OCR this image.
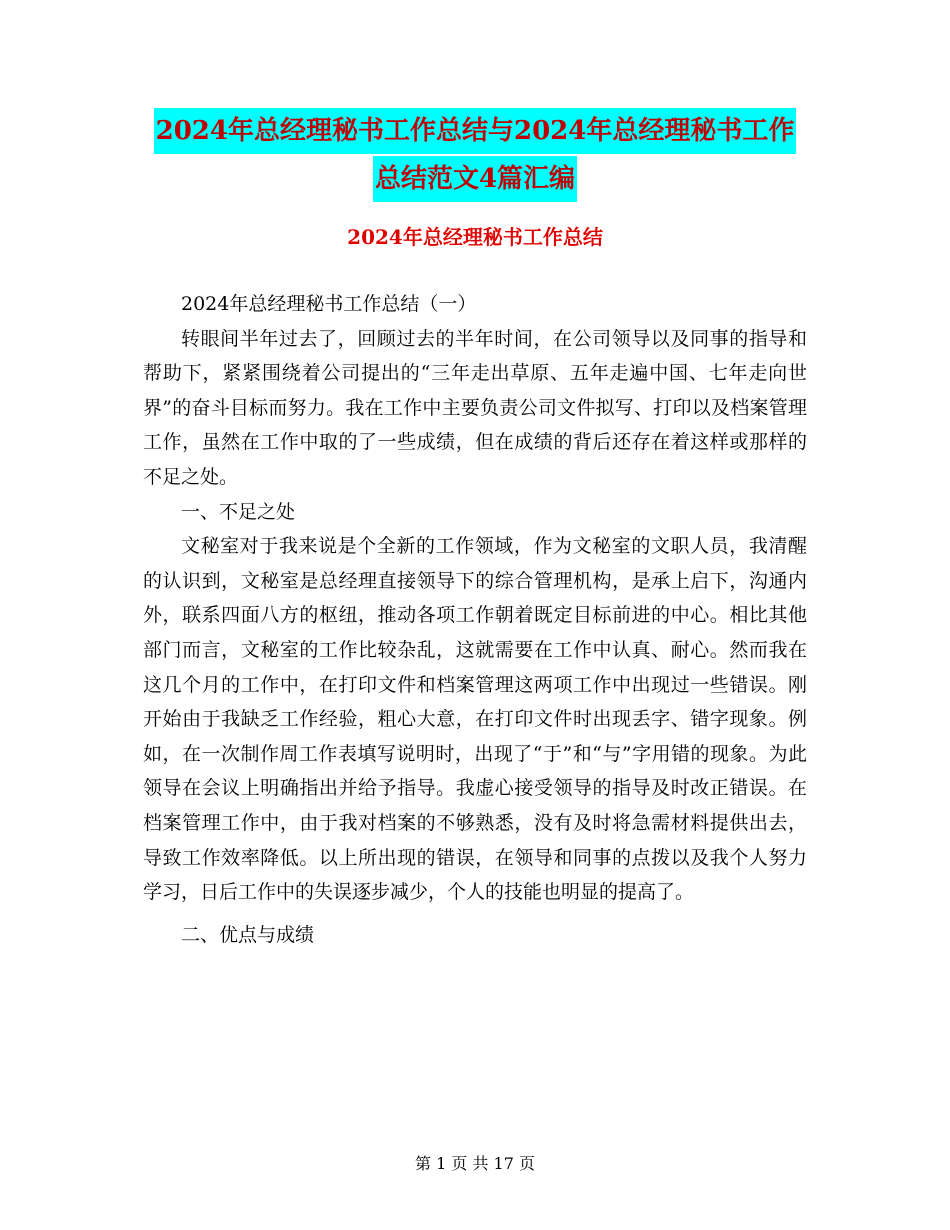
2024年总经理秘书工作总结与2024年总经理秘书工作
总结范文4篇汇编
2024年总经理秘书工作总结

2024年总经理秘书工作总结（一）

转眼间半年过去了，回顾过去的半年时间，在公司领导以及同事的指导和帮助下，紧紧围绕着公司提出的“三年走出草原、五年走遍中国、七年走向世界”的奋斗目标而努力。我在工作中主要负责公司文件拟写、打印以及档案管理工作，虽然在工作中取的了一些成绩，但在成绩的背后还存在着这样或那样的不足之处。

一、不足之处

文秘室对于我来说是个全新的工作领域，作为文秘室的文职人员，我清醒的认识到，文秘室是总经理直接领导下的综合管理机构，是承上启下，沟通内外，联系四面八方的枢纽，推动各项工作朝着既定目标前进的中心。相比其他部门而言，文秘室的工作比较杂乱，这就需要在工作中认真、耐心。然而我在这几个月的工作中，在打印文件和档案管理这两项工作中出现过一些错误。刚开始由于我缺乏工作经验，粗心大意，在打印文件时出现丢字、错字现象。例如，在一次制作周工作表填写说明时，出现了“于”和“与”字用错的现象。为此领导在会议上明确指出并给予指导。我虚心接受领导的指导及时改正错误。在档案管理工作中，由于我对档案的不够熟悉，没有及时将急需材料提供出去，导致工作效率降低。以上所出现的错误，在领导和同事的点拨以及我个人努力学习，日后工作中的失误逐步减少，个人的技能也明显的提高了。

二、优点与成绩

第 1 页 共 17 页
